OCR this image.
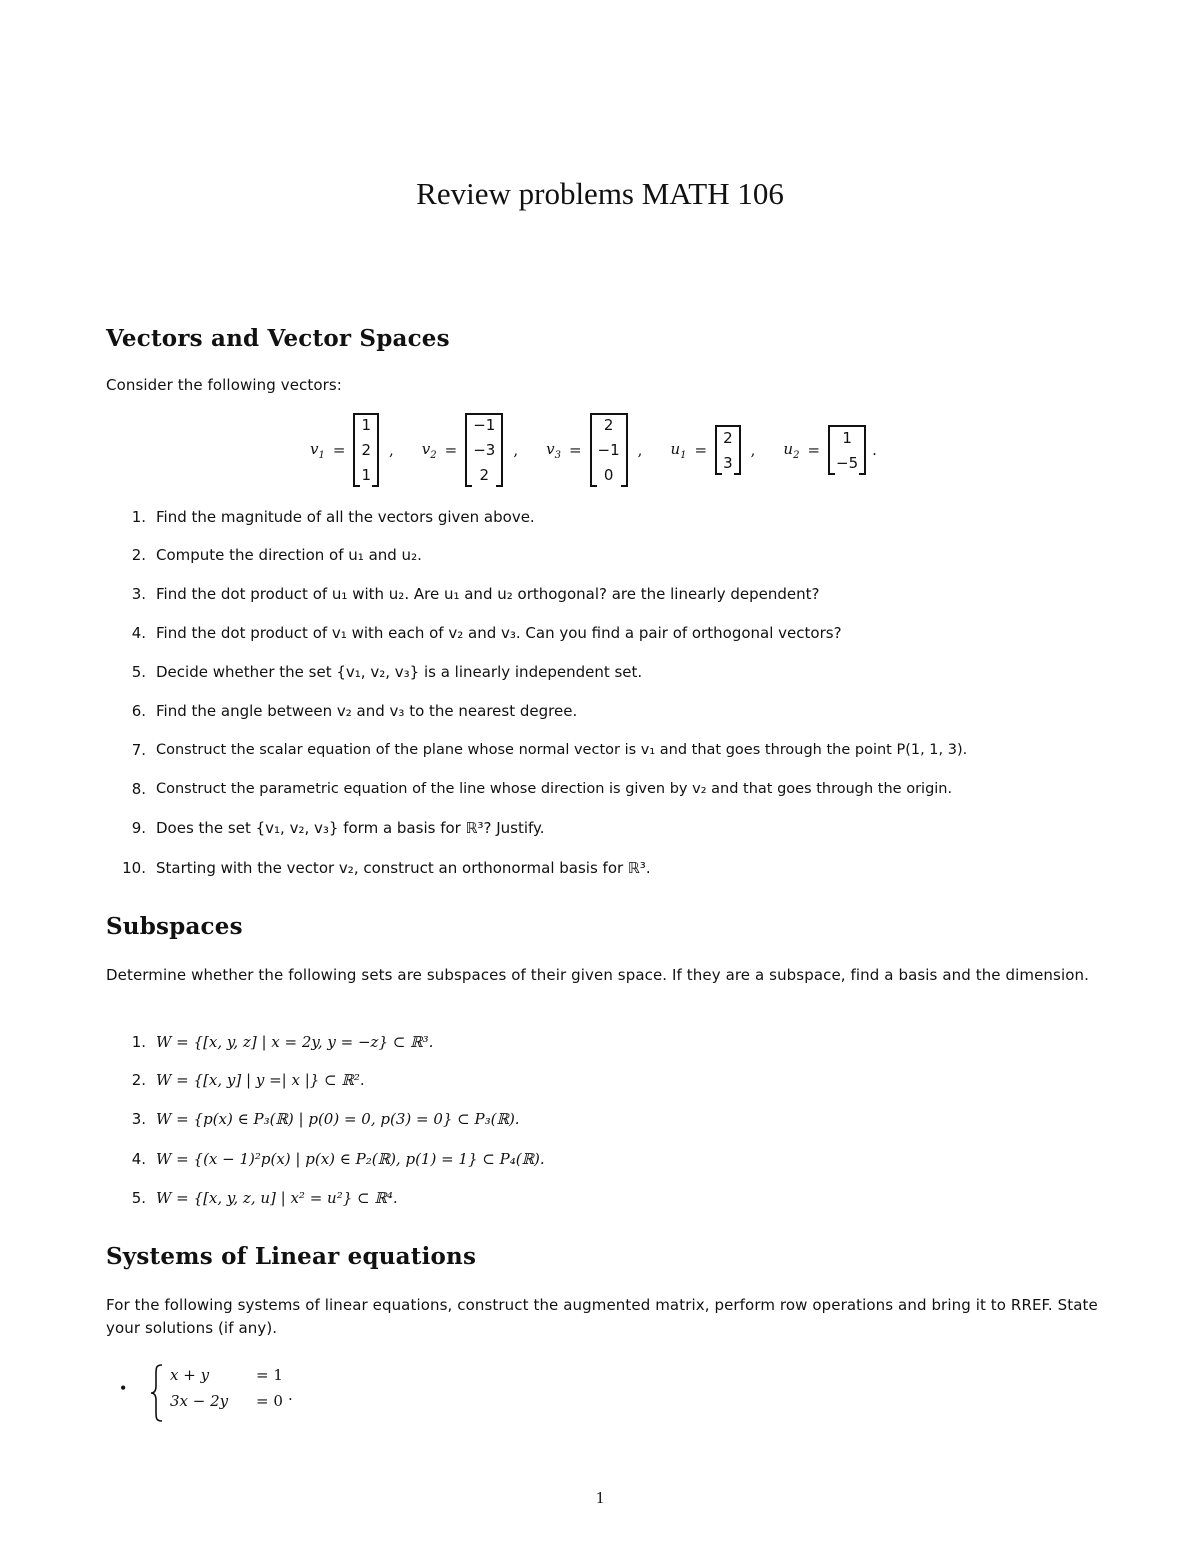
Review problems MATH 106
Vectors and Vector Spaces
Consider the following vectors:
$v_1$ =
1
2
1
, $v_2$ =
−1
−3
2
, $v_3$ =
2
−1
0
, $u_1$ =
2
3
, $u_2$ =
1
−5
.
1. Find the magnitude of all the vectors given above.
2. Compute the direction of u₁ and u₂.
3. Find the dot product of u₁ with u₂. Are u₁ and u₂ orthogonal? are the linearly dependent?
4. Find the dot product of v₁ with each of v₂ and v₃. Can you find a pair of orthogonal vectors?
5. Decide whether the set {v₁, v₂, v₃} is a linearly independent set.
6. Find the angle between v₂ and v₃ to the nearest degree.
7. Construct the scalar equation of the plane whose normal vector is v₁ and that goes through the point P(1, 1, 3).
8. Construct the parametric equation of the line whose direction is given by v₂ and that goes through the origin.
9. Does the set {v₁, v₂, v₃} form a basis for ℝ³? Justify.
10. Starting with the vector v₂, construct an orthonormal basis for ℝ³.
Subspaces
Determine whether the following sets are subspaces of their given space. If they are a subspace, find a basis and the dimension.
1. W = {[x, y, z] | x = 2y, y = −z} ⊂ ℝ³.
2. W = {[x, y] | y =| x |} ⊂ ℝ².
3. W = {p(x) ∈ P₃(ℝ) | p(0) = 0, p(3) = 0} ⊂ P₃(ℝ).
4. W = {(x − 1)²p(x) | p(x) ∈ P₂(ℝ), p(1) = 1} ⊂ P₄(ℝ).
5. W = {[x, y, z, u] | x² = u²} ⊂ ℝ⁴.
Systems of Linear equations
For the following systems of linear equations, construct the augmented matrix, perform row operations and bring it to RREF. State your solutions (if any).
•
x + y	= 1
3x − 2y	= 0 .
1
